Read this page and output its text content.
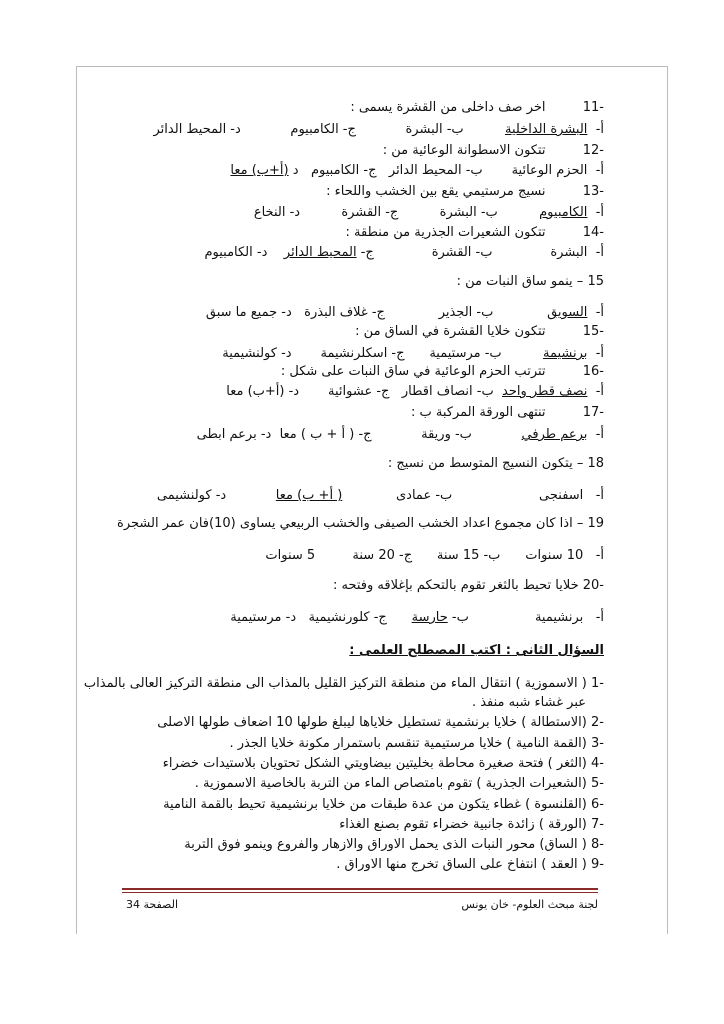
-11         اخر صف داخلى من القشرة يسمى :
أ-  البشرة الداخلية          ب- البشرة            ج- الكامبيوم            د- المحيط الدائر
-12         تتكون الاسطوانة الوعائية من :
أ-  الحزم الوعائية       ب- المحيط الدائر   ج- الكامبيوم   د (أ+ب) معا
-13         نسيج مرستيمي يقع بين الخشب واللحاء :
أ-  الكامبيوم          ب- البشرة          ج- القشرة          د- النخاع
-14         تتكون الشعيرات الجذرية من منطقة :
أ-  البشرة              ب- القشرة              ج- المحيط الدائر    د- الكامبيوم
15 – ينمو ساق النبات من :
أ-  السويق             ب- الجذير             ج- غلاف البذرة   د- جميع ما سبق
-15         تتكون خلايا القشرة في الساق من :
أ-  برنشيمة          ب- مرستيمية      ج- اسكلرنشيمة       د- كولنشيمية
-16         تترتب الحزم الوعائية في ساق النبات على شكل :
أ-  نصف قطر واحد  ب- انصاف اقطار   ج- عشوائية       د- (أ+ب) معا
-17         تنتهى الورقة المركبة ب :
أ-  برعم طرفي            ب- وريقة            ج- ( أ + ب ) معا  د- برعم ابطى
18 – يتكون النسيج المتوسط من نسيج :
أ-   اسفنجى                     ب- عمادى             ( أ+ ب) معا            د- كولنشيمى
19 – اذا كان مجموع اعداد الخشب الصيفى والخشب الربيعي يساوى (10)فان عمر الشجرة
أ-   10 سنوات      ب- 15 سنة      ج- 20 سنة         5 سنوات
-20 خلايا تحيط بالثغر تقوم بالتحكم بإغلاقه وفتحه :
أ-   برنشيمية                ب- حارسة      ج- كلورنشيمية   د- مرستيمية
السؤال الثانى : اكتب المصطلح العلمى :
-1 ( الاسموزية ) انتقال الماء من منطقة التركيز القليل بالمذاب الى منطقة التركيز العالى بالمذاب
عبر غشاء شبه منفذ .
-2 (الاستطالة ) خلايا برنشمية تستطيل خلاياها ليبلغ طولها 10 اضعاف طولها الاصلى
-3 (القمة النامية ) خلايا مرستيمية تنقسم باستمرار مكونة خلايا الجذر .
-4 (الثغر ) فتحة صغيرة محاطة بخليتين بيضاويتي الشكل تحتويان بلاستيدات خضراء
-5 (الشعيرات الجذرية ) تقوم بامتصاص الماء من التربة بالخاصية الاسموزية .
-6 (القلنسوة ) غطاء يتكون من عدة طبقات من خلايا برنشيمية تحيط بالقمة النامية
-7 (الورقة ) زائدة جانبية خضراء تقوم بصنع الغذاء
-8 ( الساق) محور النبات الذى يحمل الاوراق والازهار والفروع وينمو فوق التربة
-9 ( العقد ) انتفاخ على الساق تخرج منها الاوراق .
لجنة مبحث العلوم- خان يونس
الصفحة 34
